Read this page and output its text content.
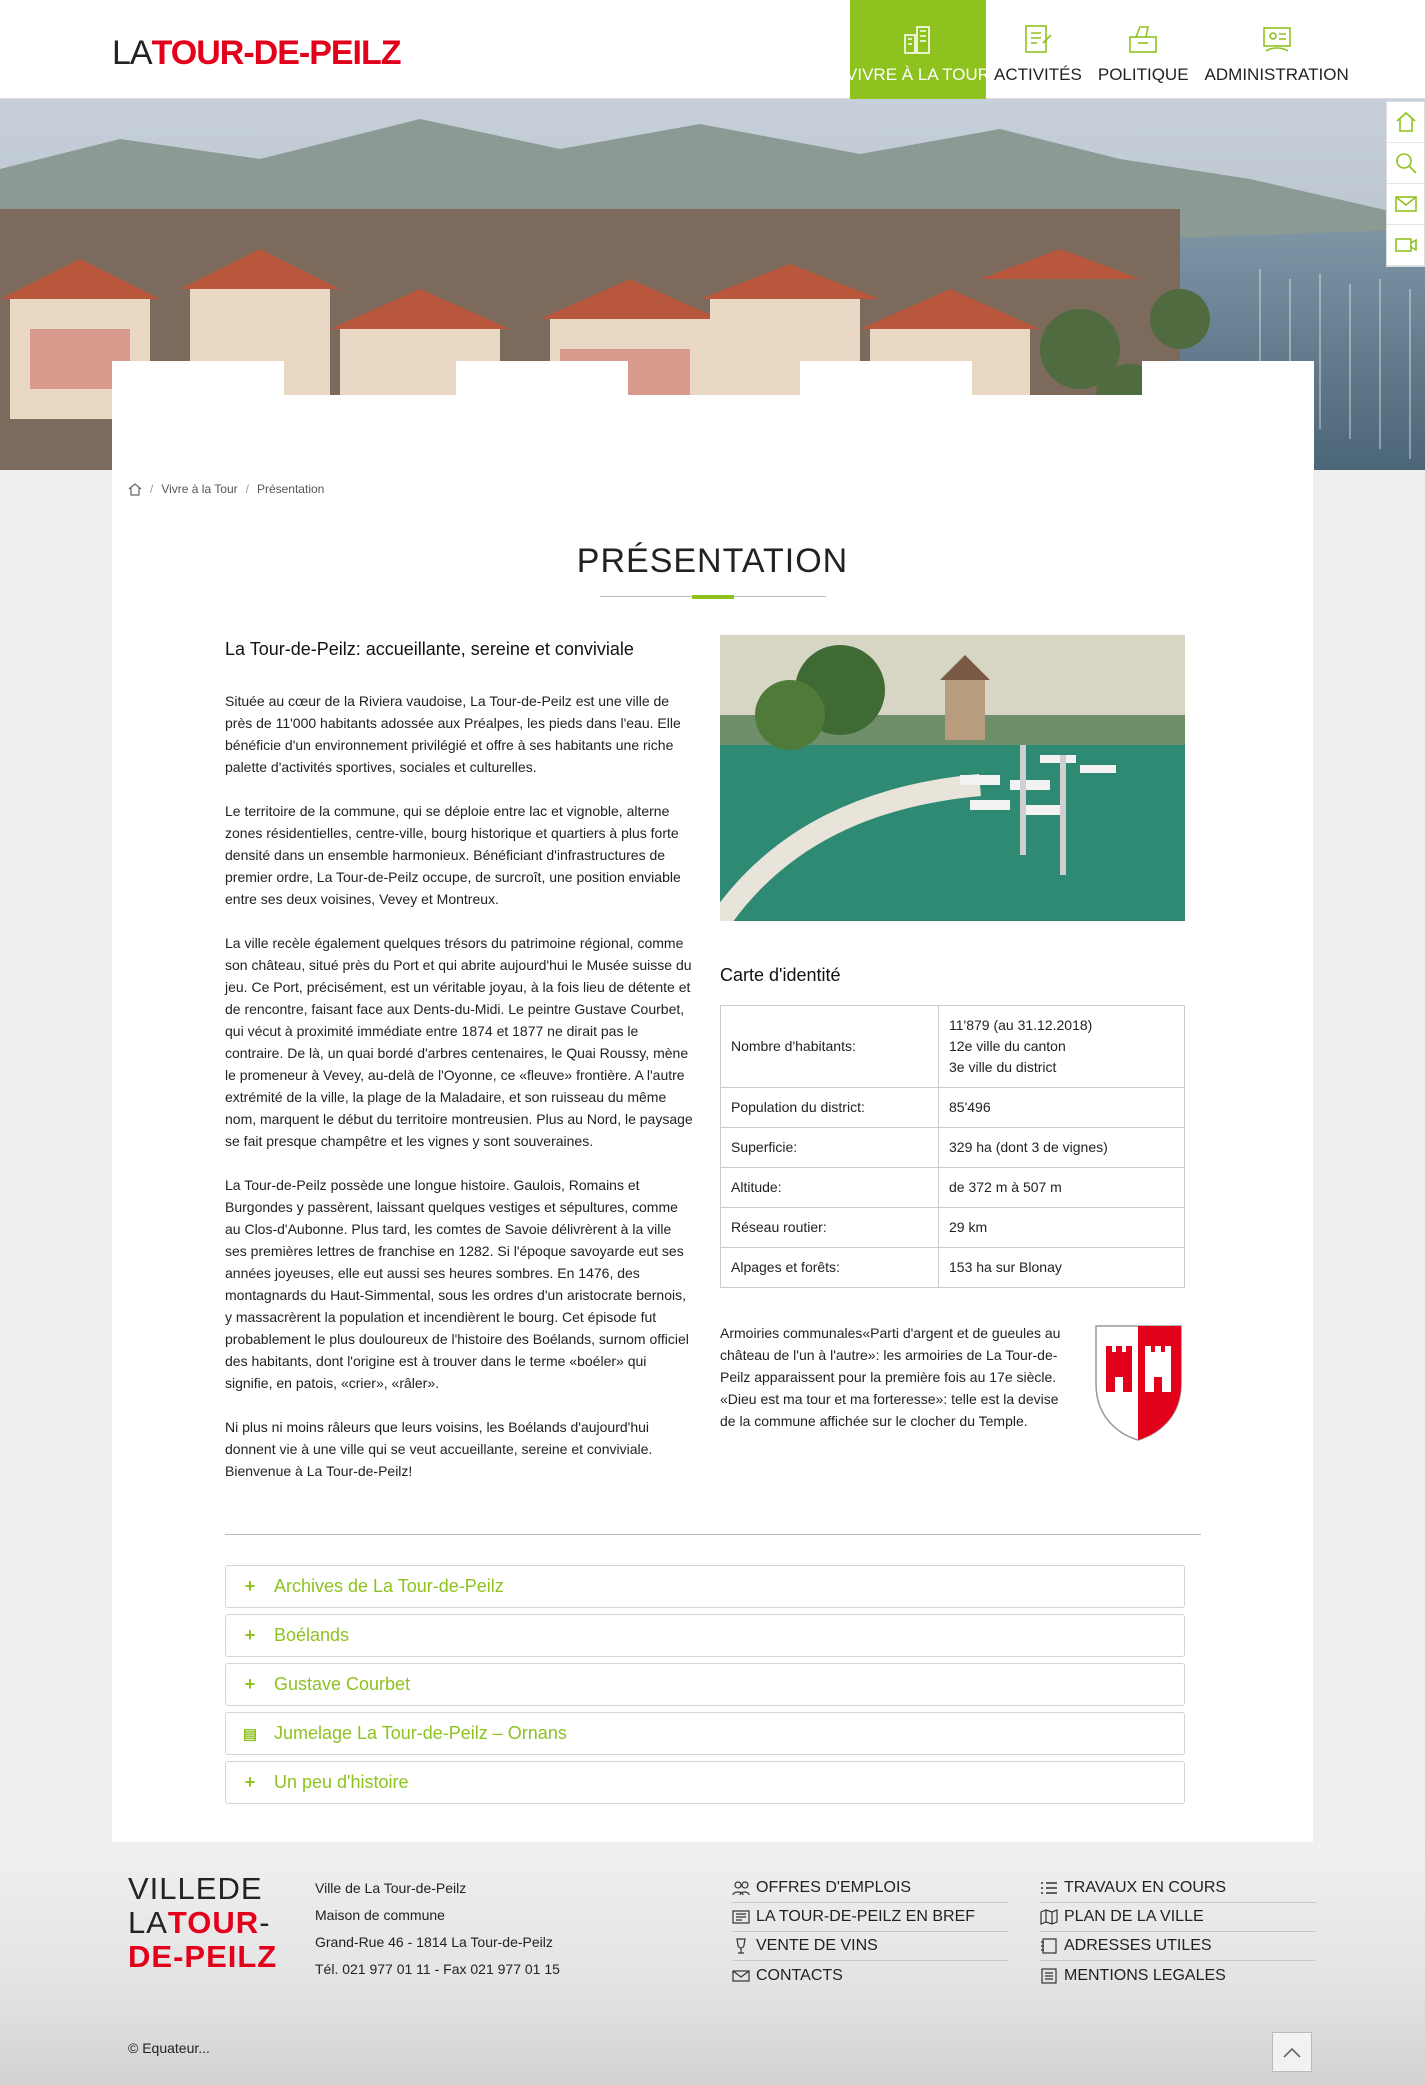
LATOUR-DE-PEILZ
VIVRE À LA TOUR ACTIVITÉS POLITIQUE ADMINISTRATION
/ Vivre à la Tour / Présentation
PRÉSENTATION
La Tour-de-Peilz: accueillante, sereine et conviviale

Située au cœur de la Riviera vaudoise, La Tour-de-Peilz est une ville de près de 11'000 habitants adossée aux Préalpes, les pieds dans l'eau. Elle bénéficie d'un environnement privilégié et offre à ses habitants une riche palette d'activités sportives, sociales et culturelles.

Le territoire de la commune, qui se déploie entre lac et vignoble, alterne zones résidentielles, centre-ville, bourg historique et quartiers à plus forte densité dans un ensemble harmonieux. Bénéficiant d'infrastructures de premier ordre, La Tour-de-Peilz occupe, de surcroît, une position enviable entre ses deux voisines, Vevey et Montreux.

La ville recèle également quelques trésors du patrimoine régional, comme son château, situé près du Port et qui abrite aujourd'hui le Musée suisse du jeu. Ce Port, précisément, est un véritable joyau, à la fois lieu de détente et de rencontre, faisant face aux Dents-du-Midi. Le peintre Gustave Courbet, qui vécut à proximité immédiate entre 1874 et 1877 ne dirait pas le contraire. De là, un quai bordé d'arbres centenaires, le Quai Roussy, mène le promeneur à Vevey, au-delà de l'Oyonne, ce «fleuve» frontière. A l'autre extrémité de la ville, la plage de la Maladaire, et son ruisseau du même nom, marquent le début du territoire montreusien. Plus au Nord, le paysage se fait presque champêtre et les vignes y sont souveraines.

La Tour-de-Peilz possède une longue histoire. Gaulois, Romains et Burgondes y passèrent, laissant quelques vestiges et sépultures, comme au Clos-d'Aubonne. Plus tard, les comtes de Savoie délivrèrent à la ville ses premières lettres de franchise en 1282. Si l'époque savoyarde eut ses années joyeuses, elle eut aussi ses heures sombres. En 1476, des montagnards du Haut-Simmental, sous les ordres d'un aristocrate bernois, y massacrèrent la population et incendièrent le bourg. Cet épisode fut probablement le plus douloureux de l'histoire des Boélands, surnom officiel des habitants, dont l'origine est à trouver dans le terme «boéler» qui signifie, en patois, «crier», «râler».

Ni plus ni moins râleurs que leurs voisins, les Boélands d'aujourd'hui donnent vie à une ville qui se veut accueillante, sereine et conviviale. Bienvenue à La Tour-de-Peilz!

Carte d'identité
Nombre d'habitants:	11'879 (au 31.12.2018)
12e ville du canton
3e ville du district
Population du district:	85'496
Superficie:	329 ha (dont 3 de vignes)
Altitude:	de 372 m à 507 m
Réseau routier:	29 km
Alpages et forêts:	153 ha sur Blonay

Armoiries communales«Parti d'argent et de gueules au château de l'un à l'autre»: les armoiries de La Tour-de-Peilz apparaissent pour la première fois au 17e siècle. «Dieu est ma tour et ma forteresse»: telle est la devise de la commune affichée sur le clocher du Temple.

+	Archives de La Tour-de-Peilz
+	Boélands
+	Gustave Courbet
▤ Jumelage La Tour-de-Peilz – Ornans
+	Un peu d'histoire
VILLEDE
LATOUR-
DE-PEILZ
Ville de La Tour-de-Peilz
Maison de commune
Grand-Rue 46 - 1814 La Tour-de-Peilz
Tél. 021 977 01 11 - Fax 021 977 01 15
OFFRES D'EMPLOIS
LA TOUR-DE-PEILZ EN BREF
VENTE DE VINS
CONTACTS
TRAVAUX EN COURS
PLAN DE LA VILLE
ADRESSES UTILES
MENTIONS LEGALES
© Equateur...
